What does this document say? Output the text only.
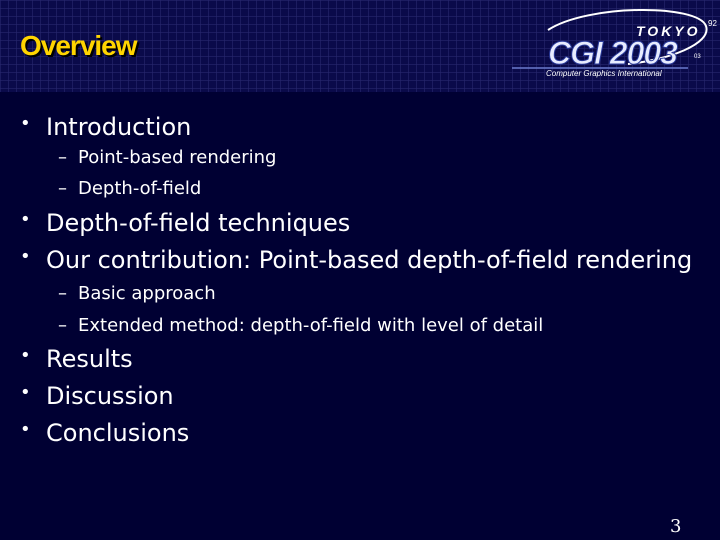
Overview	TOKYO 92
03
CGI 2003
Computer Graphics International
• Introduction
– Point-based rendering
– Depth-of-field
• Depth-of-field techniques
• Our contribution: Point-based depth-of-field rendering
– Basic approach
– Extended method: depth-of-field with level of detail
• Results
• Discussion
• Conclusions
3
